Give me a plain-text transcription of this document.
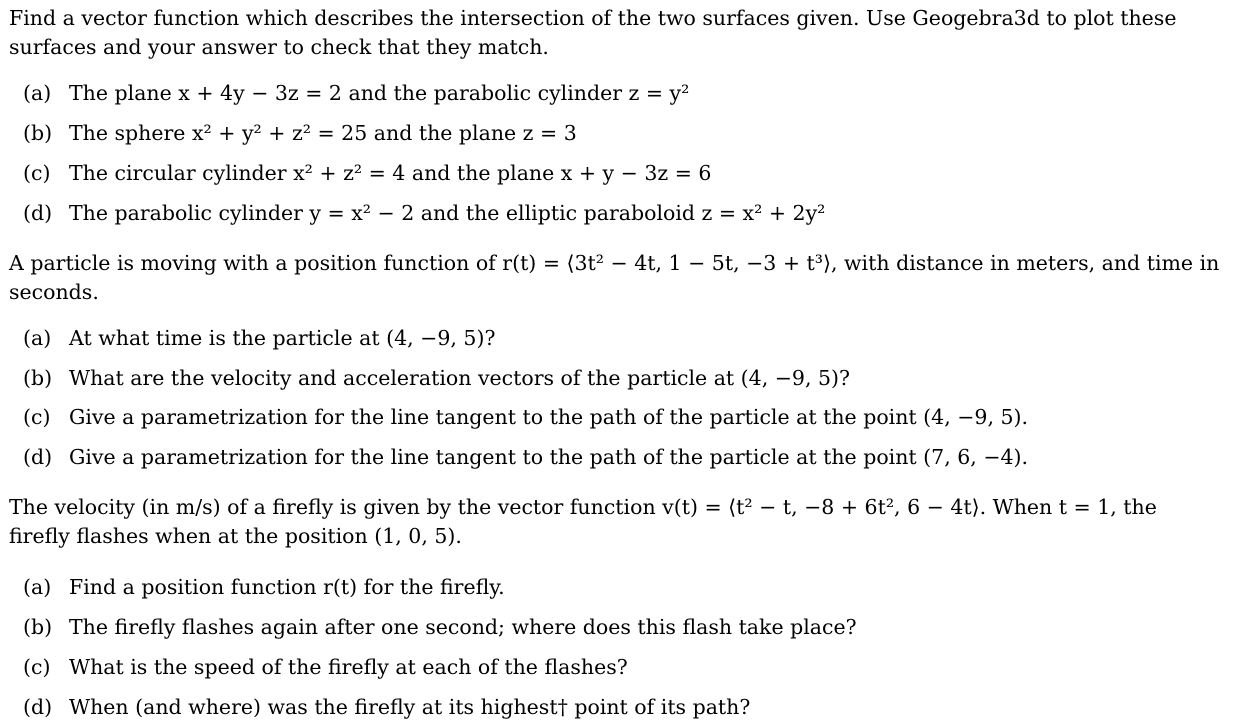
Find a vector function which describes the intersection of the two surfaces given. Use Geogebra3d to plot these surfaces and your answer to check that they match.

(a) The plane x + 4y − 3z = 2 and the parabolic cylinder z = y²
(b) The sphere x² + y² + z² = 25 and the plane z = 3
(c) The circular cylinder x² + z² = 4 and the plane x + y − 3z = 6
(d) The parabolic cylinder y = x² − 2 and the elliptic paraboloid z = x² + 2y²

A particle is moving with a position function of r(t) = ⟨3t² − 4t, 1 − 5t, −3 + t³⟩, with distance in meters, and time in seconds.

(a) At what time is the particle at (4, −9, 5)?
(b) What are the velocity and acceleration vectors of the particle at (4, −9, 5)?
(c) Give a parametrization for the line tangent to the path of the particle at the point (4, −9, 5).
(d) Give a parametrization for the line tangent to the path of the particle at the point (7, 6, −4).

The velocity (in m/s) of a firefly is given by the vector function v(t) = ⟨t² − t, −8 + 6t², 6 − 4t⟩. When t = 1, the firefly flashes when at the position (1, 0, 5).

(a) Find a position function r(t) for the firefly.
(b) The firefly flashes again after one second; where does this flash take place?
(c) What is the speed of the firefly at each of the flashes?
(d) When (and where) was the firefly at its highest† point of its path?
